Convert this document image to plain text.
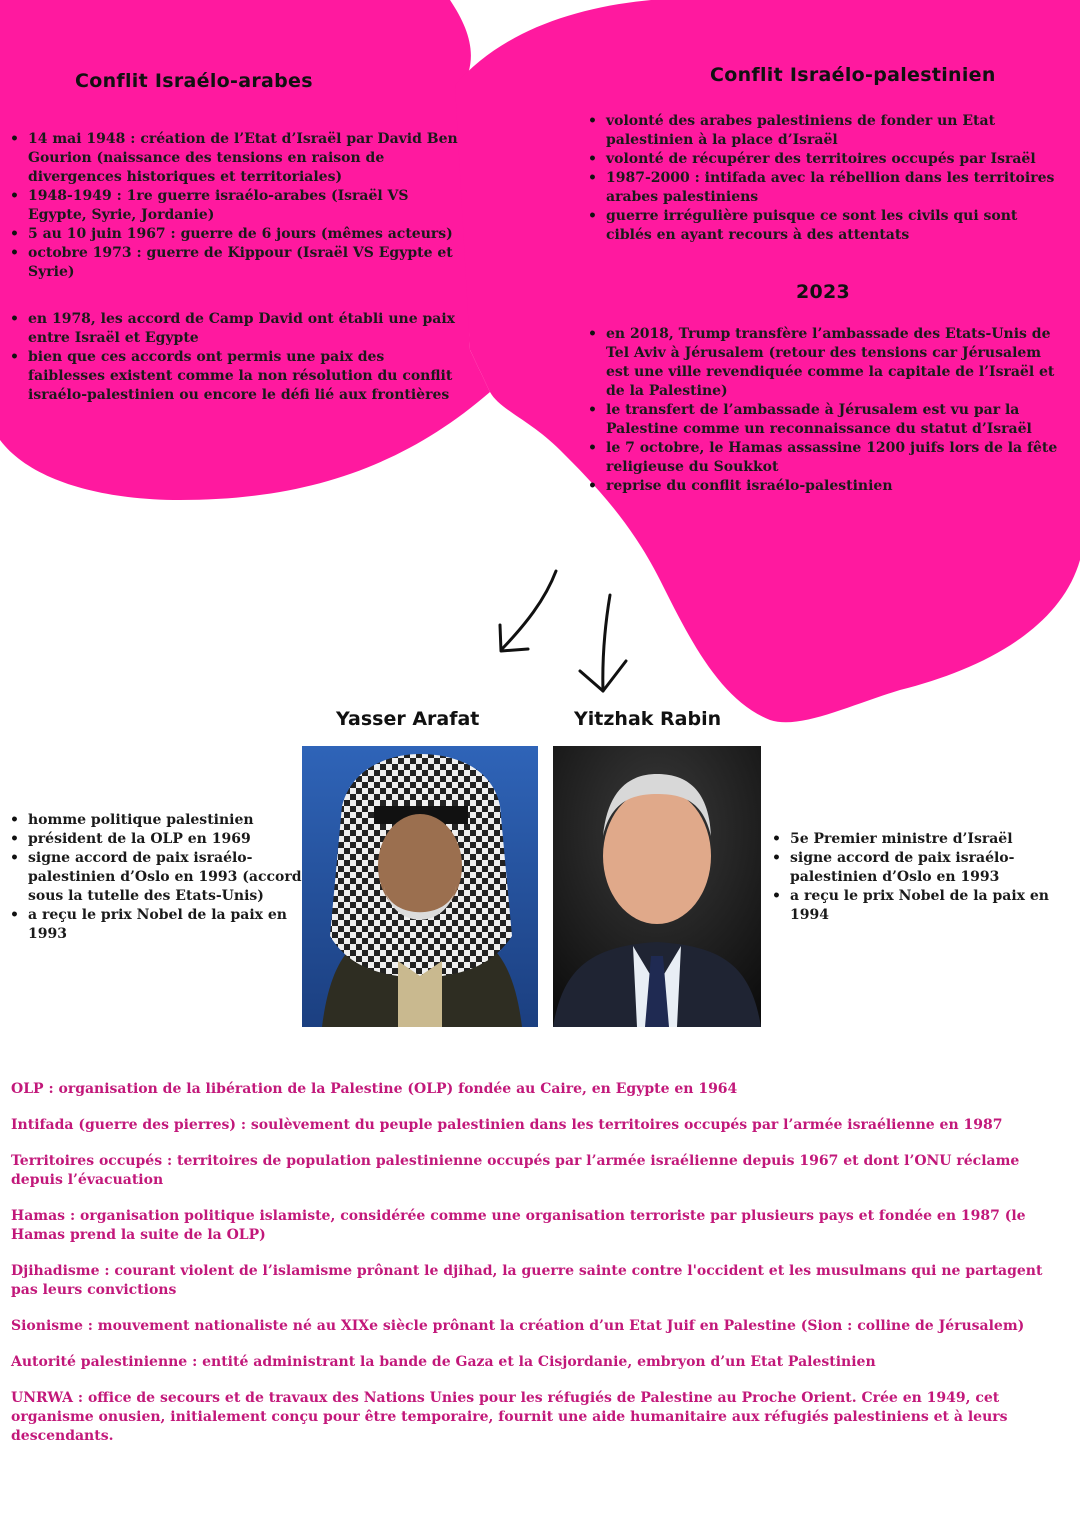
Conflit Israélo-arabes
• 14 mai 1948 : création de l’Etat d’Israël par David Ben Gourion (naissance des tensions en raison de divergences historiques et territoriales)
• 1948-1949 : 1re guerre israélo-arabes (Israël VS Egypte, Syrie, Jordanie)
• 5 au 10 juin 1967 : guerre de 6 jours (mêmes acteurs)
• octobre 1973 : guerre de Kippour (Israël VS Egypte et Syrie)
• en 1978, les accord de Camp David ont établi une paix entre Israël et Egypte
• bien que ces accords ont permis une paix des faiblesses existent comme la non résolution du conflit israélo-palestinien ou encore le défi lié aux frontières
Conflit Israélo-palestinien
• volonté des arabes palestiniens de fonder un Etat palestinien à la place d’Israël
• volonté de récupérer des territoires occupés par Israël
• 1987-2000 : intifada avec la rébellion dans les territoires arabes palestiniens
• guerre irrégulière puisque ce sont les civils qui sont ciblés en ayant recours à des attentats
2023
• en 2018, Trump transfère l’ambassade des Etats-Unis de Tel Aviv à Jérusalem (retour des tensions car Jérusalem est une ville revendiquée comme la capitale de l’Israël et de la Palestine)
• le transfert de l’ambassade à Jérusalem est vu par la Palestine comme un reconnaissance du statut d’Israël
• le 7 octobre, le Hamas assassine 1200 juifs lors de la fête religieuse du Soukkot
• reprise du conflit israélo-palestinien
Yasser Arafat	Yitzhak Rabin
• homme politique palestinien
• président de la OLP en 1969
• signe accord de paix israélo-palestinien d’Oslo en 1993 (accord sous la tutelle des Etats-Unis)
• a reçu le prix Nobel de la paix en 1993
• 5e Premier ministre d’Israël
• signe accord de paix israélo-palestinien d’Oslo en 1993
• a reçu le prix Nobel de la paix en 1994

OLP : organisation de la libération de la Palestine (OLP) fondée au Caire, en Egypte en 1964

Intifada (guerre des pierres) : soulèvement du peuple palestinien dans les territoires occupés par l’armée israélienne en 1987

Territoires occupés : territoires de population palestinienne occupés par l’armée israélienne depuis 1967 et dont l’ONU réclame depuis l’évacuation

Hamas : organisation politique islamiste, considérée comme une organisation terroriste par plusieurs pays et fondée en 1987 (le Hamas prend la suite de la OLP)

Djihadisme : courant violent de l’islamisme prônant le djihad, la guerre sainte contre l'occident et les musulmans qui ne partagent pas leurs convictions

Sionisme : mouvement nationaliste né au XIXe siècle prônant la création d’un Etat Juif en Palestine (Sion : colline de Jérusalem)

Autorité palestinienne : entité administrant la bande de Gaza et la Cisjordanie, embryon d’un Etat Palestinien

UNRWA : office de secours et de travaux des Nations Unies pour les réfugiés de Palestine au Proche Orient. Crée en 1949, cet organisme onusien, initialement conçu pour être temporaire, fournit une aide humanitaire aux réfugiés palestiniens et à leurs descendants.
